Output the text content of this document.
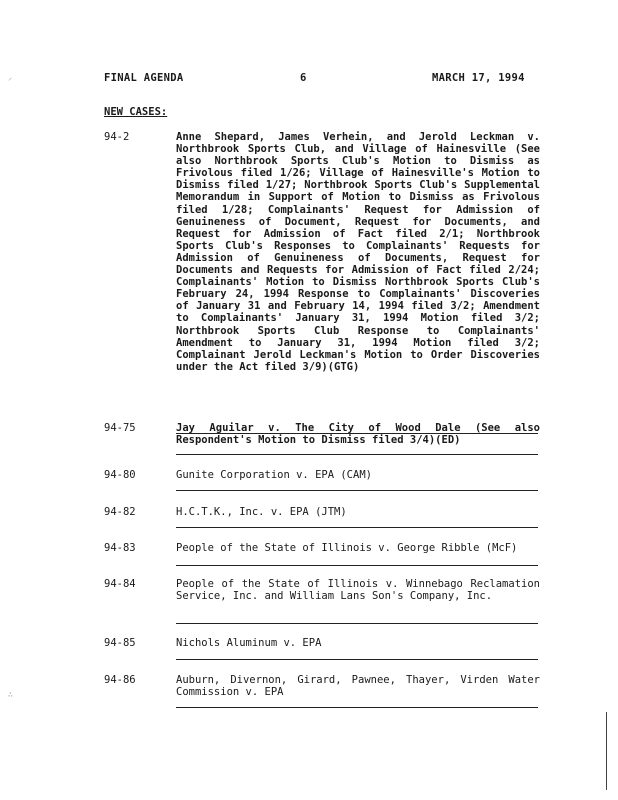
FINAL AGENDA	6	MARCH 17, 1994
NEW CASES:
94-2	Anne Shepard, James Verhein, and Jerold Leckman v. Northbrook Sports Club, and Village of Hainesville (See also Northbrook Sports Club's Motion to Dismiss as Frivolous filed 1/26; Village of Hainesville's Motion to Dismiss filed 1/27; Northbrook Sports Club's Supplemental Memorandum in Support of Motion to Dismiss as Frivolous filed 1/28; Complainants' Request for Admission of Genuineness of Document, Request for Documents, and Request for Admission of Fact filed 2/1; Northbrook Sports Club's Responses to Complainants' Requests for Admission of Genuineness of Documents, Request for Documents and Requests for Admission of Fact filed 2/24; Complainants' Motion to Dismiss Northbrook Sports Club's February 24, 1994 Response to Complainants' Discoveries of January 31 and February 14, 1994 filed 3/2; Amendment to Complainants' January 31, 1994 Motion filed 3/2; Northbrook Sports Club Response to Complainants' Amendment to January 31, 1994 Motion filed 3/2; Complainant Jerold Leckman's Motion to Order Discoveries under the Act filed 3/9)(GTG)
94-75	Jay Aguilar v. The City of Wood Dale (See also Respondent's Motion to Dismiss filed 3/4)(ED)
94-80	Gunite Corporation v. EPA (CAM)
94-82	H.C.T.K., Inc. v. EPA (JTM)
94-83	People of the State of Illinois v. George Ribble (McF)
94-84	People of the State of Illinois v. Winnebago Reclamation Service, Inc. and William Lans Son's Company, Inc.
94-85	Nichols Aluminum v. EPA
94-86	Auburn, Divernon, Girard, Pawnee, Thayer, Virden Water Commission v. EPA
⸝
∴
